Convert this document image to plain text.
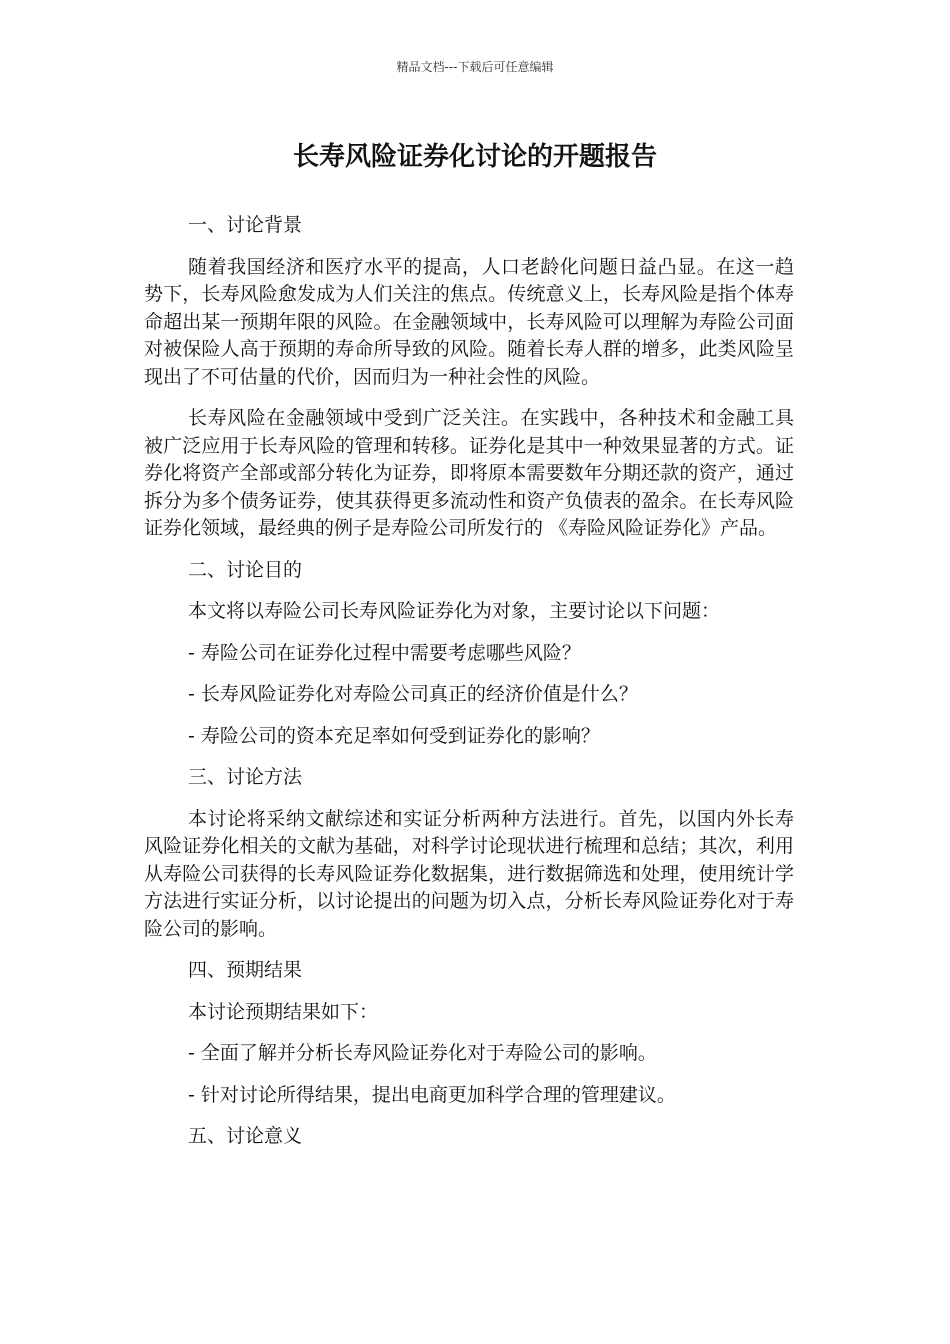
精品文档---下载后可任意编辑
长寿风险证券化讨论的开题报告

一、讨论背景

随着我国经济和医疗水平的提高，人口老龄化问题日益凸显。在这一趋势下，长寿风险愈发成为人们关注的焦点。传统意义上，长寿风险是指个体寿命超出某一预期年限的风险。在金融领域中，长寿风险可以理解为寿险公司面对被保险人高于预期的寿命所导致的风险。随着长寿人群的增多，此类风险呈现出了不可估量的代价，因而归为一种社会性的风险。

长寿风险在金融领域中受到广泛关注。在实践中，各种技术和金融工具被广泛应用于长寿风险的管理和转移。证券化是其中一种效果显著的方式。证券化将资产全部或部分转化为证券，即将原本需要数年分期还款的资产，通过拆分为多个债务证券，使其获得更多流动性和资产负债表的盈余。在长寿风险证券化领域，最经典的例子是寿险公司所发行的 《寿险风险证券化》产品。

二、讨论目的

本文将以寿险公司长寿风险证券化为对象，主要讨论以下问题：

- 寿险公司在证券化过程中需要考虑哪些风险？

- 长寿风险证券化对寿险公司真正的经济价值是什么？

- 寿险公司的资本充足率如何受到证券化的影响？

三、讨论方法

本讨论将采纳文献综述和实证分析两种方法进行。首先，以国内外长寿风险证券化相关的文献为基础，对科学讨论现状进行梳理和总结；其次，利用从寿险公司获得的长寿风险证券化数据集，进行数据筛选和处理，使用统计学方法进行实证分析，以讨论提出的问题为切入点，分析长寿风险证券化对于寿险公司的影响。

四、预期结果

本讨论预期结果如下：

- 全面了解并分析长寿风险证券化对于寿险公司的影响。

- 针对讨论所得结果，提出电商更加科学合理的管理建议。

五、讨论意义
